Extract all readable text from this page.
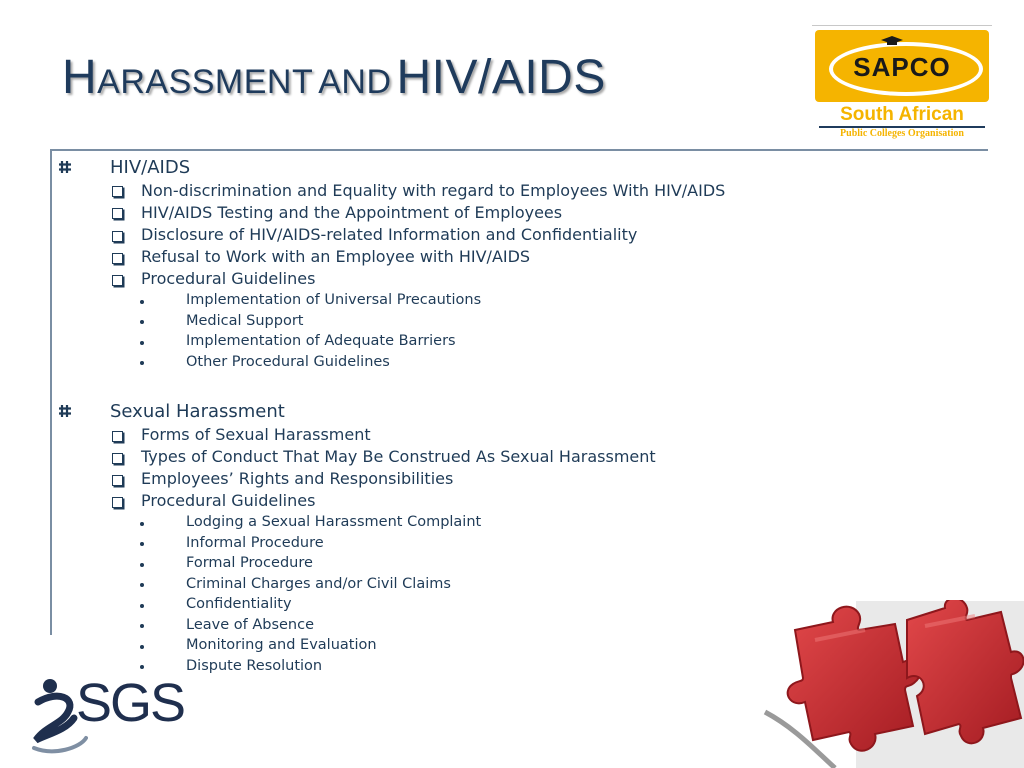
HARASSMENT AND HIV/AIDS	SAPCO
South African
Public Colleges Organisation
HIV/AIDS
Non-discrimination and Equality with regard to Employees With HIV/AIDS
HIV/AIDS Testing and the Appointment of Employees
Disclosure of HIV/AIDS-related Information and Confidentiality
Refusal to Work with an Employee with HIV/AIDS
Procedural Guidelines
Implementation of Universal Precautions
Medical Support
Implementation of Adequate Barriers
Other Procedural Guidelines
Sexual Harassment
Forms of Sexual Harassment
Types of Conduct That May Be Construed As Sexual Harassment
Employees’ Rights and Responsibilities
Procedural Guidelines
Lodging a Sexual Harassment Complaint
Informal Procedure
Formal Procedure
Criminal Charges and/or Civil Claims
Confidentiality
Leave of Absence
Monitoring and Evaluation
Dispute Resolution
SGS
